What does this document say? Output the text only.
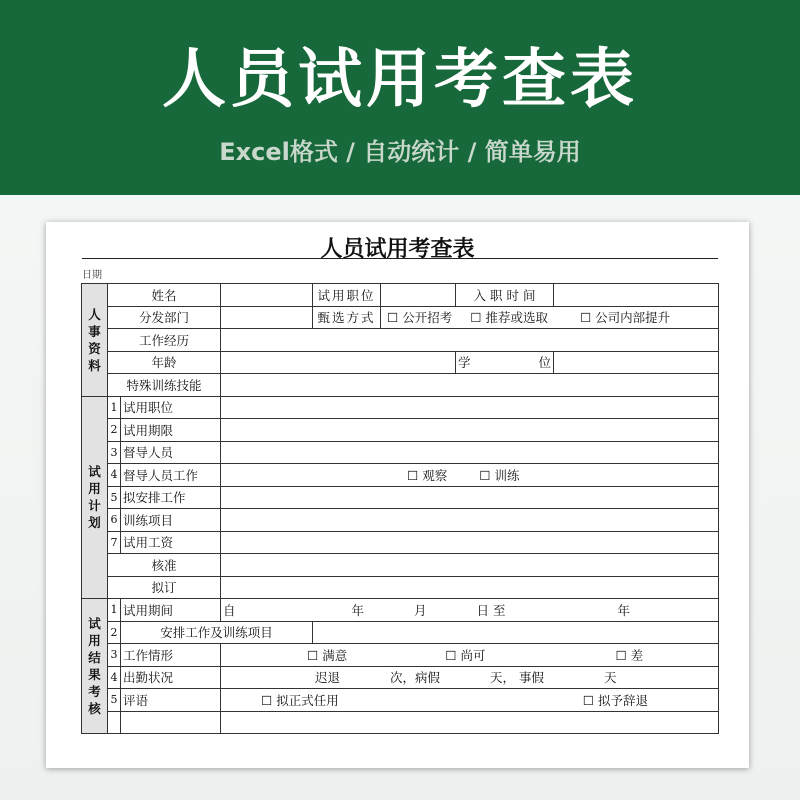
人员试用考查表
Excel格式 / 自动统计 / 简单易用
人员试用考查表
日期
人事资料	姓名			试用职位		入 职 时 间	
	分发部门			甄选方式	☐ 公开招考 ☐ 推荐或选取 ☐ 公司内部提升
	工作经历						
	年龄					学 位	

	特殊训练技能						

试用计划	1	试用职位					
	2	试用期限					
	3	督导人员					
	4	督导人员工作	☐ 观察 ☐ 训练
	5	拟安排工作					
	6	训练项目					
	7	试用工资					
	核准						
	拟订						

试用结果考核	1	试用期间	自 年 月 日 至 年				
	2	安排工作及训练项目					
	3	工作情形	☐ 满意 ☐ 尚可 ☐ 差
	4	出勤状况	迟退 次，病假 天， 事假 天				
	5	评语	☐ 拟正式任用 ☐ 拟予辞退
